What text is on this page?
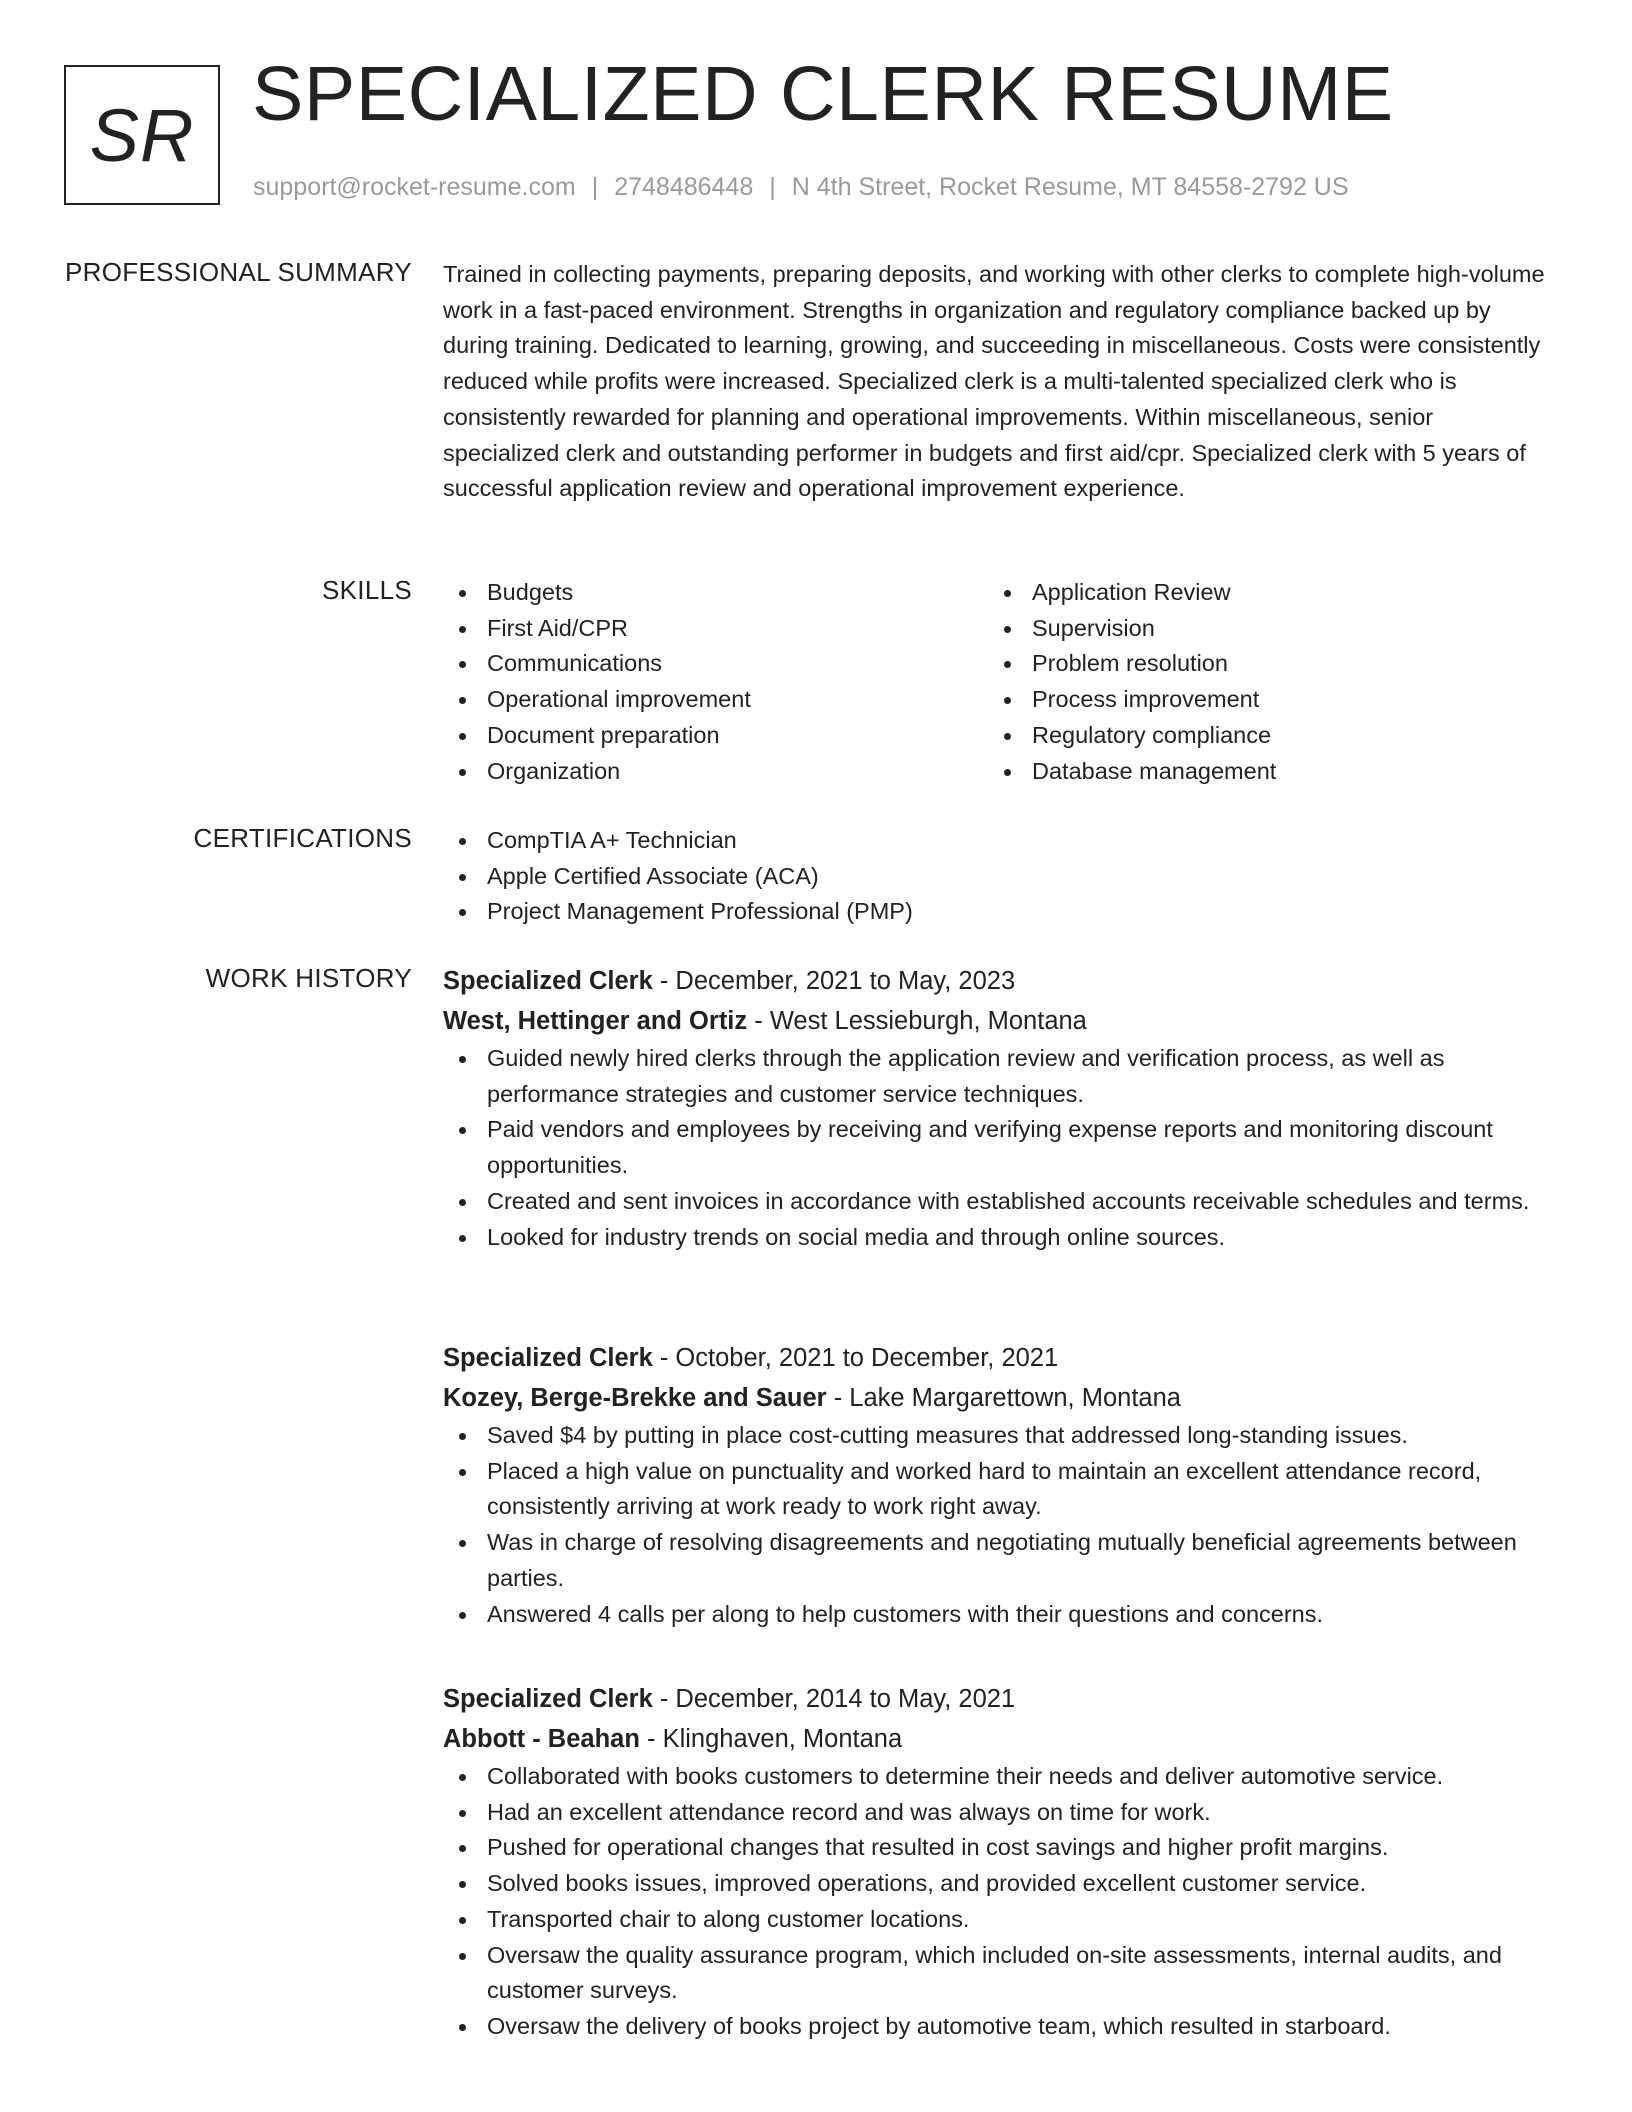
SR SPECIALIZED CLERK RESUME
support@rocket-resume.com | 2748486448 | N 4th Street, Rocket Resume, MT 84558-2792 US
PROFESSIONAL SUMMARY Trained in collecting payments, preparing deposits, and working with other clerks to complete high-volume work in a fast-paced environment. Strengths in organization and regulatory compliance backed up by during training. Dedicated to learning, growing, and succeeding in miscellaneous. Costs were consistently reduced while profits were increased. Specialized clerk is a multi-talented specialized clerk who is consistently rewarded for planning and operational improvements. Within miscellaneous, senior specialized clerk and outstanding performer in budgets and first aid/cpr. Specialized clerk with 5 years of successful application review and operational improvement experience.

SKILLS	Budgets
First Aid/CPR
Communications
Operational improvement
Document preparation
Organization
Application Review
Supervision
Problem resolution
Process improvement
Regulatory compliance
Database management
CERTIFICATIONS	CompTIA A+ Technician
Apple Certified Associate (ACA)
Project Management Professional (PMP)
WORK HISTORY Specialized Clerk - December, 2021 to May, 2023
West, Hettinger and Ortiz - West Lessieburgh, Montana
Guided newly hired clerks through the application review and verification process, as well as performance strategies and customer service techniques.
Paid vendors and employees by receiving and verifying expense reports and monitoring discount opportunities.
Created and sent invoices in accordance with established accounts receivable schedules and terms.
Looked for industry trends on social media and through online sources.
Specialized Clerk - October, 2021 to December, 2021
Kozey, Berge-Brekke and Sauer - Lake Margarettown, Montana
Saved $4 by putting in place cost-cutting measures that addressed long-standing issues.
Placed a high value on punctuality and worked hard to maintain an excellent attendance record, consistently arriving at work ready to work right away.
Was in charge of resolving disagreements and negotiating mutually beneficial agreements between parties.
Answered 4 calls per along to help customers with their questions and concerns.
Specialized Clerk - December, 2014 to May, 2021
Abbott - Beahan - Klinghaven, Montana
Collaborated with books customers to determine their needs and deliver automotive service.
Had an excellent attendance record and was always on time for work.
Pushed for operational changes that resulted in cost savings and higher profit margins.
Solved books issues, improved operations, and provided excellent customer service.
Transported chair to along customer locations.
Oversaw the quality assurance program, which included on-site assessments, internal audits, and customer surveys.
Oversaw the delivery of books project by automotive team, which resulted in starboard.
